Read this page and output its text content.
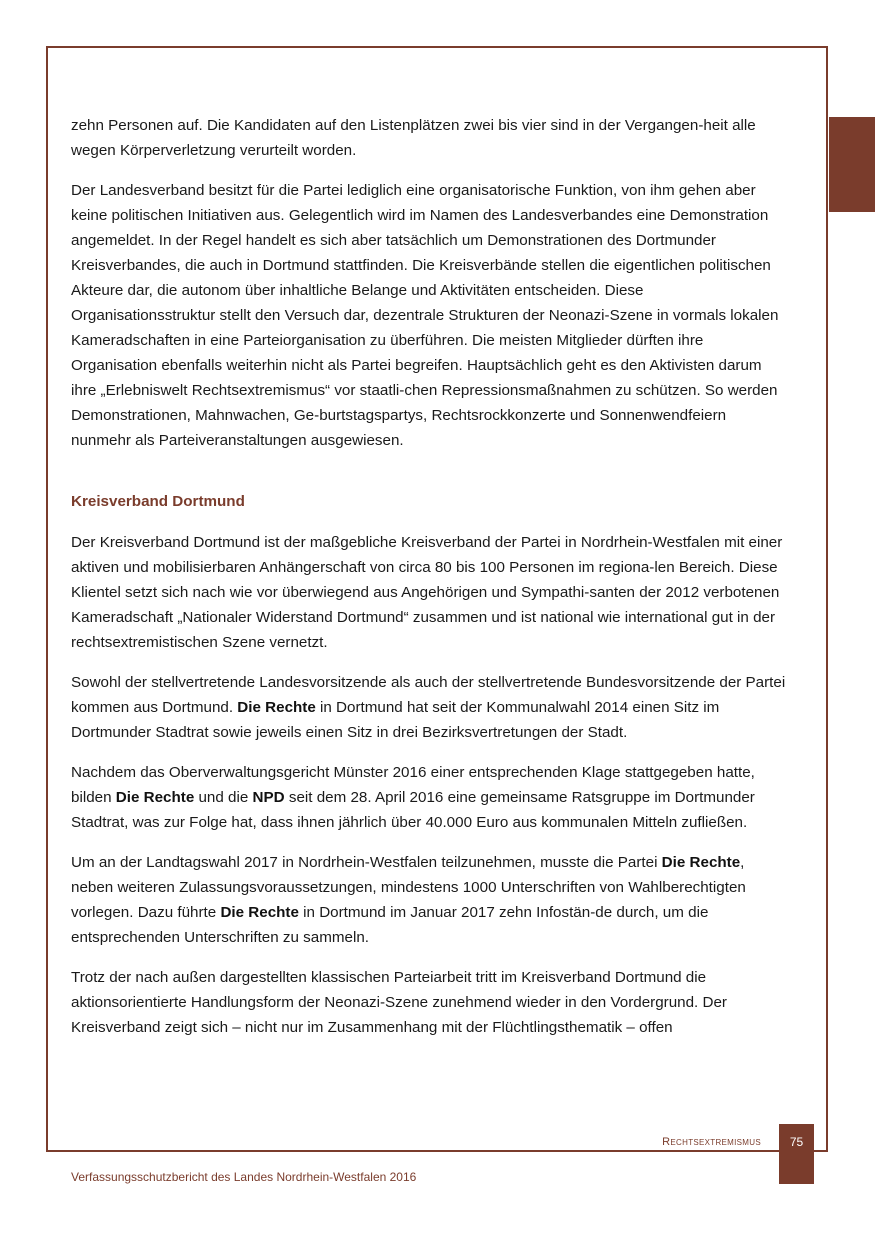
zehn Personen auf. Die Kandidaten auf den Listenplätzen zwei bis vier sind in der Vergangen-heit alle wegen Körperverletzung verurteilt worden.

Der Landesverband besitzt für die Partei lediglich eine organisatorische Funktion, von ihm gehen aber keine politischen Initiativen aus. Gelegentlich wird im Namen des Landesverbandes eine Demonstration angemeldet. In der Regel handelt es sich aber tatsächlich um Demonstrationen des Dortmunder Kreisverbandes, die auch in Dortmund stattfinden. Die Kreisverbände stellen die eigentlichen politischen Akteure dar, die autonom über inhaltliche Belange und Aktivitäten entscheiden. Diese Organisationsstruktur stellt den Versuch dar, dezentrale Strukturen der Neonazi-Szene in vormals lokalen Kameradschaften in eine Parteiorganisation zu überführen. Die meisten Mitglieder dürften ihre Organisation ebenfalls weiterhin nicht als Partei begreifen. Hauptsächlich geht es den Aktivisten darum ihre „Erlebniswelt Rechtsextremismus“ vor staatli-chen Repressionsmaßnahmen zu schützen. So werden Demonstrationen, Mahnwachen, Ge-burtstagspartys, Rechtsrockkonzerte und Sonnenwendfeiern nunmehr als Parteiveranstaltungen ausgewiesen.

Kreisverband Dortmund

Der Kreisverband Dortmund ist der maßgebliche Kreisverband der Partei in Nordrhein-Westfalen mit einer aktiven und mobilisierbaren Anhängerschaft von circa 80 bis 100 Personen im regiona-len Bereich. Diese Klientel setzt sich nach wie vor überwiegend aus Angehörigen und Sympathi-santen der 2012 verbotenen Kameradschaft „Nationaler Widerstand Dortmund“ zusammen und ist national wie international gut in der rechtsextremistischen Szene vernetzt.

Sowohl der stellvertretende Landesvorsitzende als auch der stellvertretende Bundesvorsitzende der Partei kommen aus Dortmund. Die Rechte in Dortmund hat seit der Kommunalwahl 2014 einen Sitz im Dortmunder Stadtrat sowie jeweils einen Sitz in drei Bezirksvertretungen der Stadt.

Nachdem das Oberverwaltungsgericht Münster 2016 einer entsprechenden Klage stattgegeben hatte, bilden Die Rechte und die NPD seit dem 28. April 2016 eine gemeinsame Ratsgruppe im Dortmunder Stadtrat, was zur Folge hat, dass ihnen jährlich über 40.000 Euro aus kommunalen Mitteln zufließen.

Um an der Landtagswahl 2017 in Nordrhein-Westfalen teilzunehmen, musste die Partei Die Rechte, neben weiteren Zulassungsvoraussetzungen, mindestens 1000 Unterschriften von Wahlberechtigten vorlegen. Dazu führte Die Rechte in Dortmund im Januar 2017 zehn Infostän-de durch, um die entsprechenden Unterschriften zu sammeln.

Trotz der nach außen dargestellten klassischen Parteiarbeit tritt im Kreisverband Dortmund die aktionsorientierte Handlungsform der Neonazi-Szene zunehmend wieder in den Vordergrund. Der Kreisverband zeigt sich – nicht nur im Zusammenhang mit der Flüchtlingsthematik – offen

Rechtsextremismus	75
Verfassungsschutzbericht des Landes Nordrhein-Westfalen 2016
